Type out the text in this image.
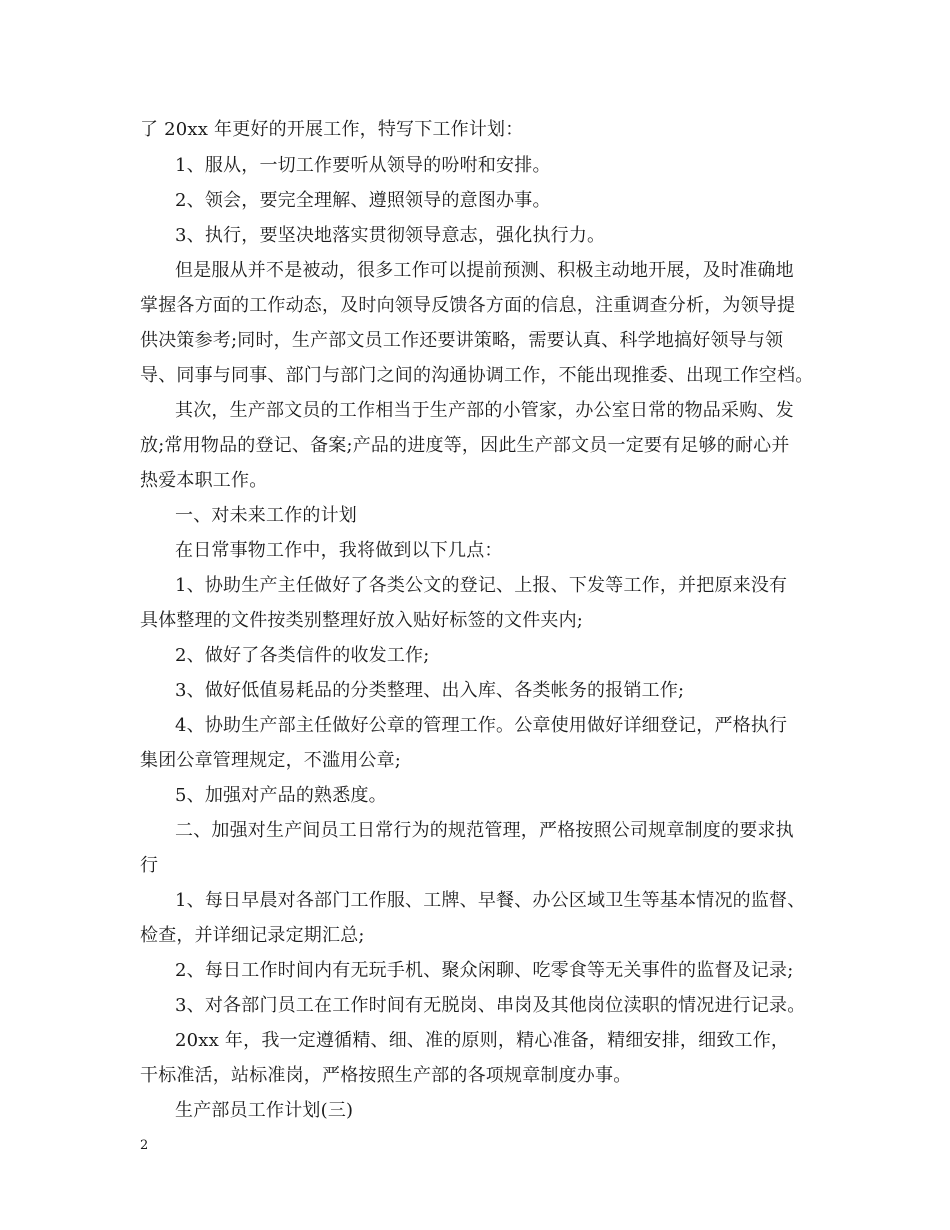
了 20xx 年更好的开展工作，特写下工作计划：

1、服从，一切工作要听从领导的吩咐和安排。

2、领会，要完全理解、遵照领导的意图办事。

3、执行，要坚决地落实贯彻领导意志，强化执行力。

但是服从并不是被动，很多工作可以提前预测、积极主动地开展，及时准确地

掌握各方面的工作动态，及时向领导反馈各方面的信息，注重调查分析，为领导提

供决策参考;同时，生产部文员工作还要讲策略，需要认真、科学地搞好领导与领

导、同事与同事、部门与部门之间的沟通协调工作，不能出现推委、出现工作空档。

其次，生产部文员的工作相当于生产部的小管家，办公室日常的物品采购、发

放;常用物品的登记、备案;产品的进度等，因此生产部文员一定要有足够的耐心并

热爱本职工作。

一、对未来工作的计划

在日常事物工作中，我将做到以下几点：

1、协助生产主任做好了各类公文的登记、上报、下发等工作，并把原来没有

具体整理的文件按类别整理好放入贴好标签的文件夹内;

2、做好了各类信件的收发工作;

3、做好低值易耗品的分类整理、出入库、各类帐务的报销工作;

4、协助生产部主任做好公章的管理工作。公章使用做好详细登记，严格执行

集团公章管理规定，不滥用公章;

5、加强对产品的熟悉度。

二、加强对生产间员工日常行为的规范管理，严格按照公司规章制度的要求执

行

1、每日早晨对各部门工作服、工牌、早餐、办公区域卫生等基本情况的监督、

检查，并详细记录定期汇总;

2、每日工作时间内有无玩手机、聚众闲聊、吃零食等无关事件的监督及记录;

3、对各部门员工在工作时间有无脱岗、串岗及其他岗位渎职的情况进行记录。

20xx 年，我一定遵循精、细、准的原则，精心准备，精细安排，细致工作，

干标准活，站标准岗，严格按照生产部的各项规章制度办事。

生产部员工作计划(三)

2
